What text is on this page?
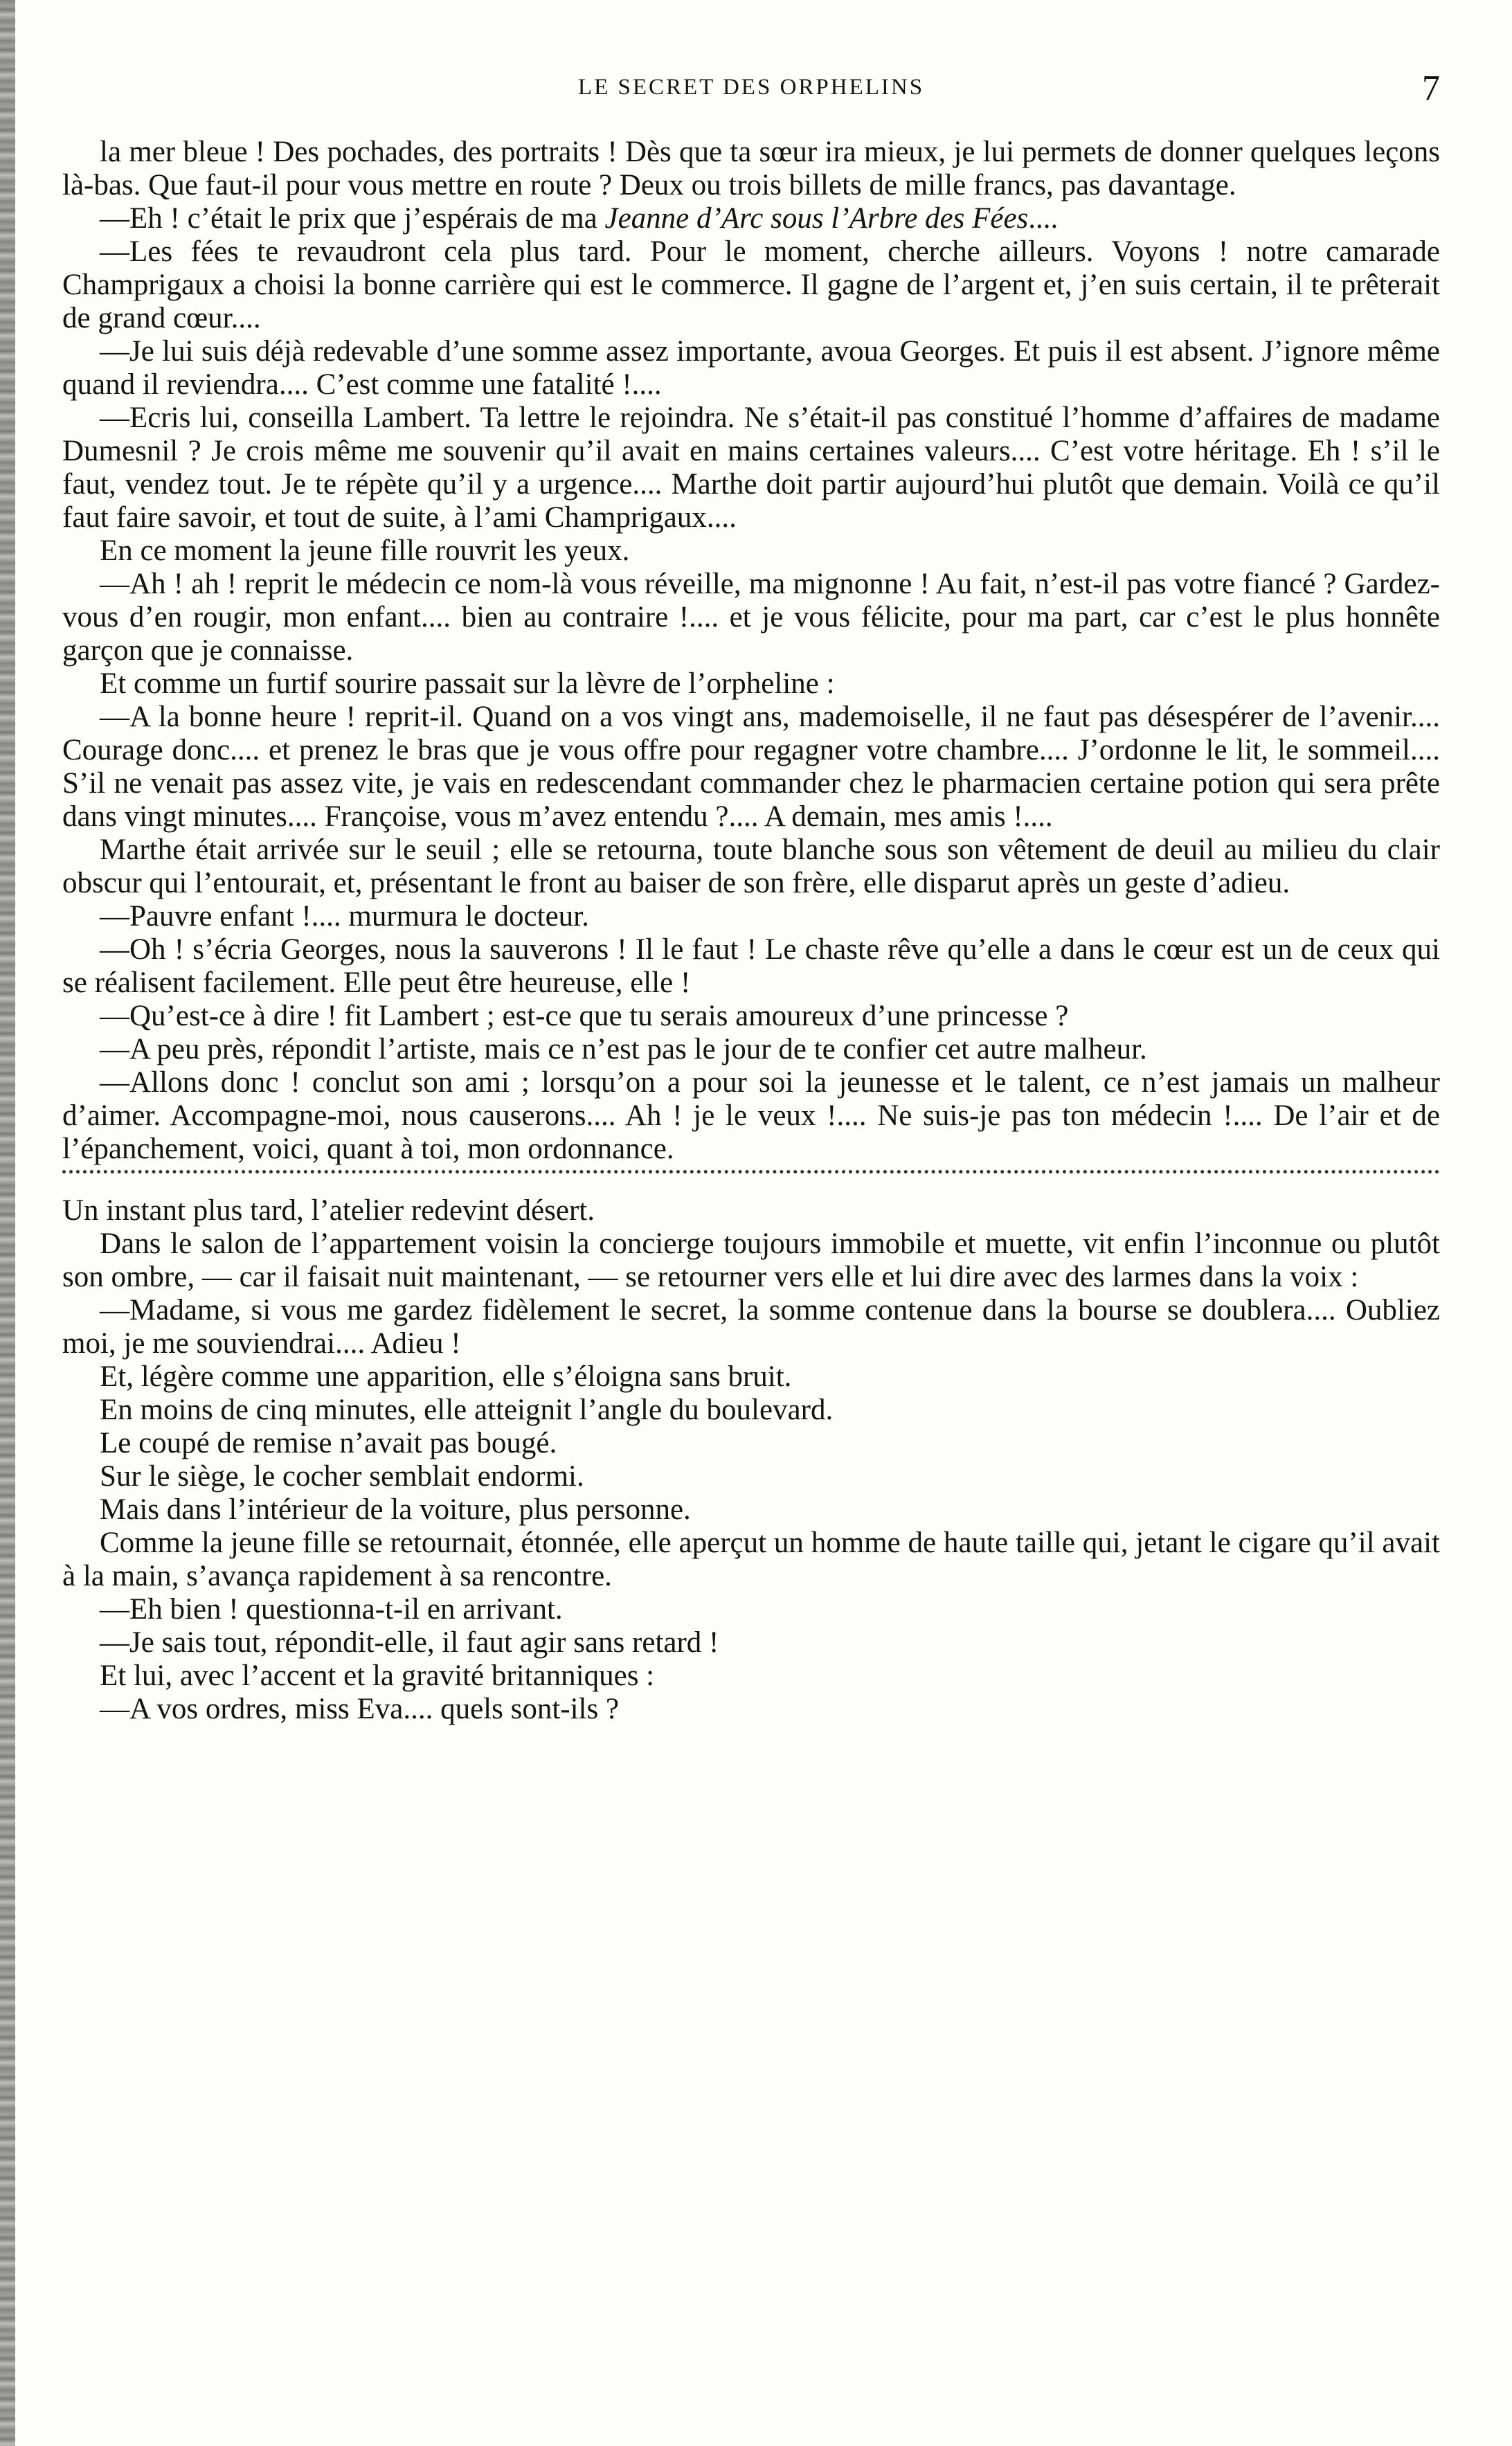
LE SECRET DES ORPHELINS	7

la mer bleue ! Des pochades, des portraits ! Dès que ta sœur ira mieux, je lui permets de donner quelques leçons là-bas. Que faut-il pour vous mettre en route ? Deux ou trois billets de mille francs, pas davantage.

—Eh ! c’était le prix que j’espérais de ma Jeanne d’Arc sous l’Arbre des Fées....

—Les fées te revaudront cela plus tard. Pour le moment, cherche ailleurs. Voyons ! notre camarade Champrigaux a choisi la bonne carrière qui est le commerce. Il gagne de l’argent et, j’en suis certain, il te prêterait de grand cœur....

—Je lui suis déjà redevable d’une somme assez importante, avoua Georges. Et puis il est absent. J’ignore même quand il reviendra.... C’est comme une fatalité !....

—Ecris lui, conseilla Lambert. Ta lettre le rejoindra. Ne s’était-il pas constitué l’homme d’affaires de madame Dumesnil ? Je crois même me souvenir qu’il avait en mains certaines valeurs.... C’est votre héritage. Eh ! s’il le faut, vendez tout. Je te répète qu’il y a urgence.... Marthe doit partir aujourd’hui plutôt que demain. Voilà ce qu’il faut faire savoir, et tout de suite, à l’ami Champrigaux....

En ce moment la jeune fille rouvrit les yeux.

—Ah ! ah ! reprit le médecin ce nom-là vous réveille, ma mignonne ! Au fait, n’est-il pas votre fiancé ? Gardez-vous d’en rougir, mon enfant.... bien au contraire !.... et je vous félicite, pour ma part, car c’est le plus honnête garçon que je connaisse.

Et comme un furtif sourire passait sur la lèvre de l’orpheline :

—A la bonne heure ! reprit-il. Quand on a vos vingt ans, mademoiselle, il ne faut pas désespérer de l’avenir.... Courage donc.... et prenez le bras que je vous offre pour regagner votre chambre.... J’ordonne le lit, le sommeil.... S’il ne venait pas assez vite, je vais en redescendant commander chez le pharmacien certaine potion qui sera prête dans vingt minutes.... Françoise, vous m’avez entendu ?.... A demain, mes amis !....

Marthe était arrivée sur le seuil ; elle se retourna, toute blanche sous son vêtement de deuil au milieu du clair obscur qui l’entourait, et, présentant le front au baiser de son frère, elle disparut après un geste d’adieu.

—Pauvre enfant !.... murmura le docteur.

—Oh ! s’écria Georges, nous la sauverons ! Il le faut ! Le chaste rêve qu’elle a dans le cœur est un de ceux qui se réalisent facilement. Elle peut être heureuse, elle !

—Qu’est-ce à dire ! fit Lambert ; est-ce que tu serais amoureux d’une princesse ?

—A peu près, répondit l’artiste, mais ce n’est pas le jour de te confier cet autre malheur.

—Allons donc ! conclut son ami ; lorsqu’on a pour soi la jeunesse et le talent, ce n’est jamais un malheur d’aimer. Accompagne-moi, nous causerons.... Ah ! je le veux !.... Ne suis-je pas ton médecin !.... De l’air et de l’épanchement, voici, quant à toi, mon ordonnance.

Un instant plus tard, l’atelier redevint désert.

Dans le salon de l’appartement voisin la concierge toujours immobile et muette, vit enfin l’inconnue ou plutôt son ombre, — car il faisait nuit maintenant, — se retourner vers elle et lui dire avec des larmes dans la voix :

—Madame, si vous me gardez fidèlement le secret, la somme contenue dans la bourse se doublera.... Oubliez moi, je me souviendrai.... Adieu !

Et, légère comme une apparition, elle s’éloigna sans bruit.

En moins de cinq minutes, elle atteignit l’angle du boulevard.

Le coupé de remise n’avait pas bougé.

Sur le siège, le cocher semblait endormi.

Mais dans l’intérieur de la voiture, plus personne.

Comme la jeune fille se retournait, étonnée, elle aperçut un homme de haute taille qui, jetant le cigare qu’il avait à la main, s’avança rapidement à sa rencontre.

—Eh bien ! questionna-t-il en arrivant.

—Je sais tout, répondit-elle, il faut agir sans retard !

Et lui, avec l’accent et la gravité britanniques :

—A vos ordres, miss Eva.... quels sont-ils ?
